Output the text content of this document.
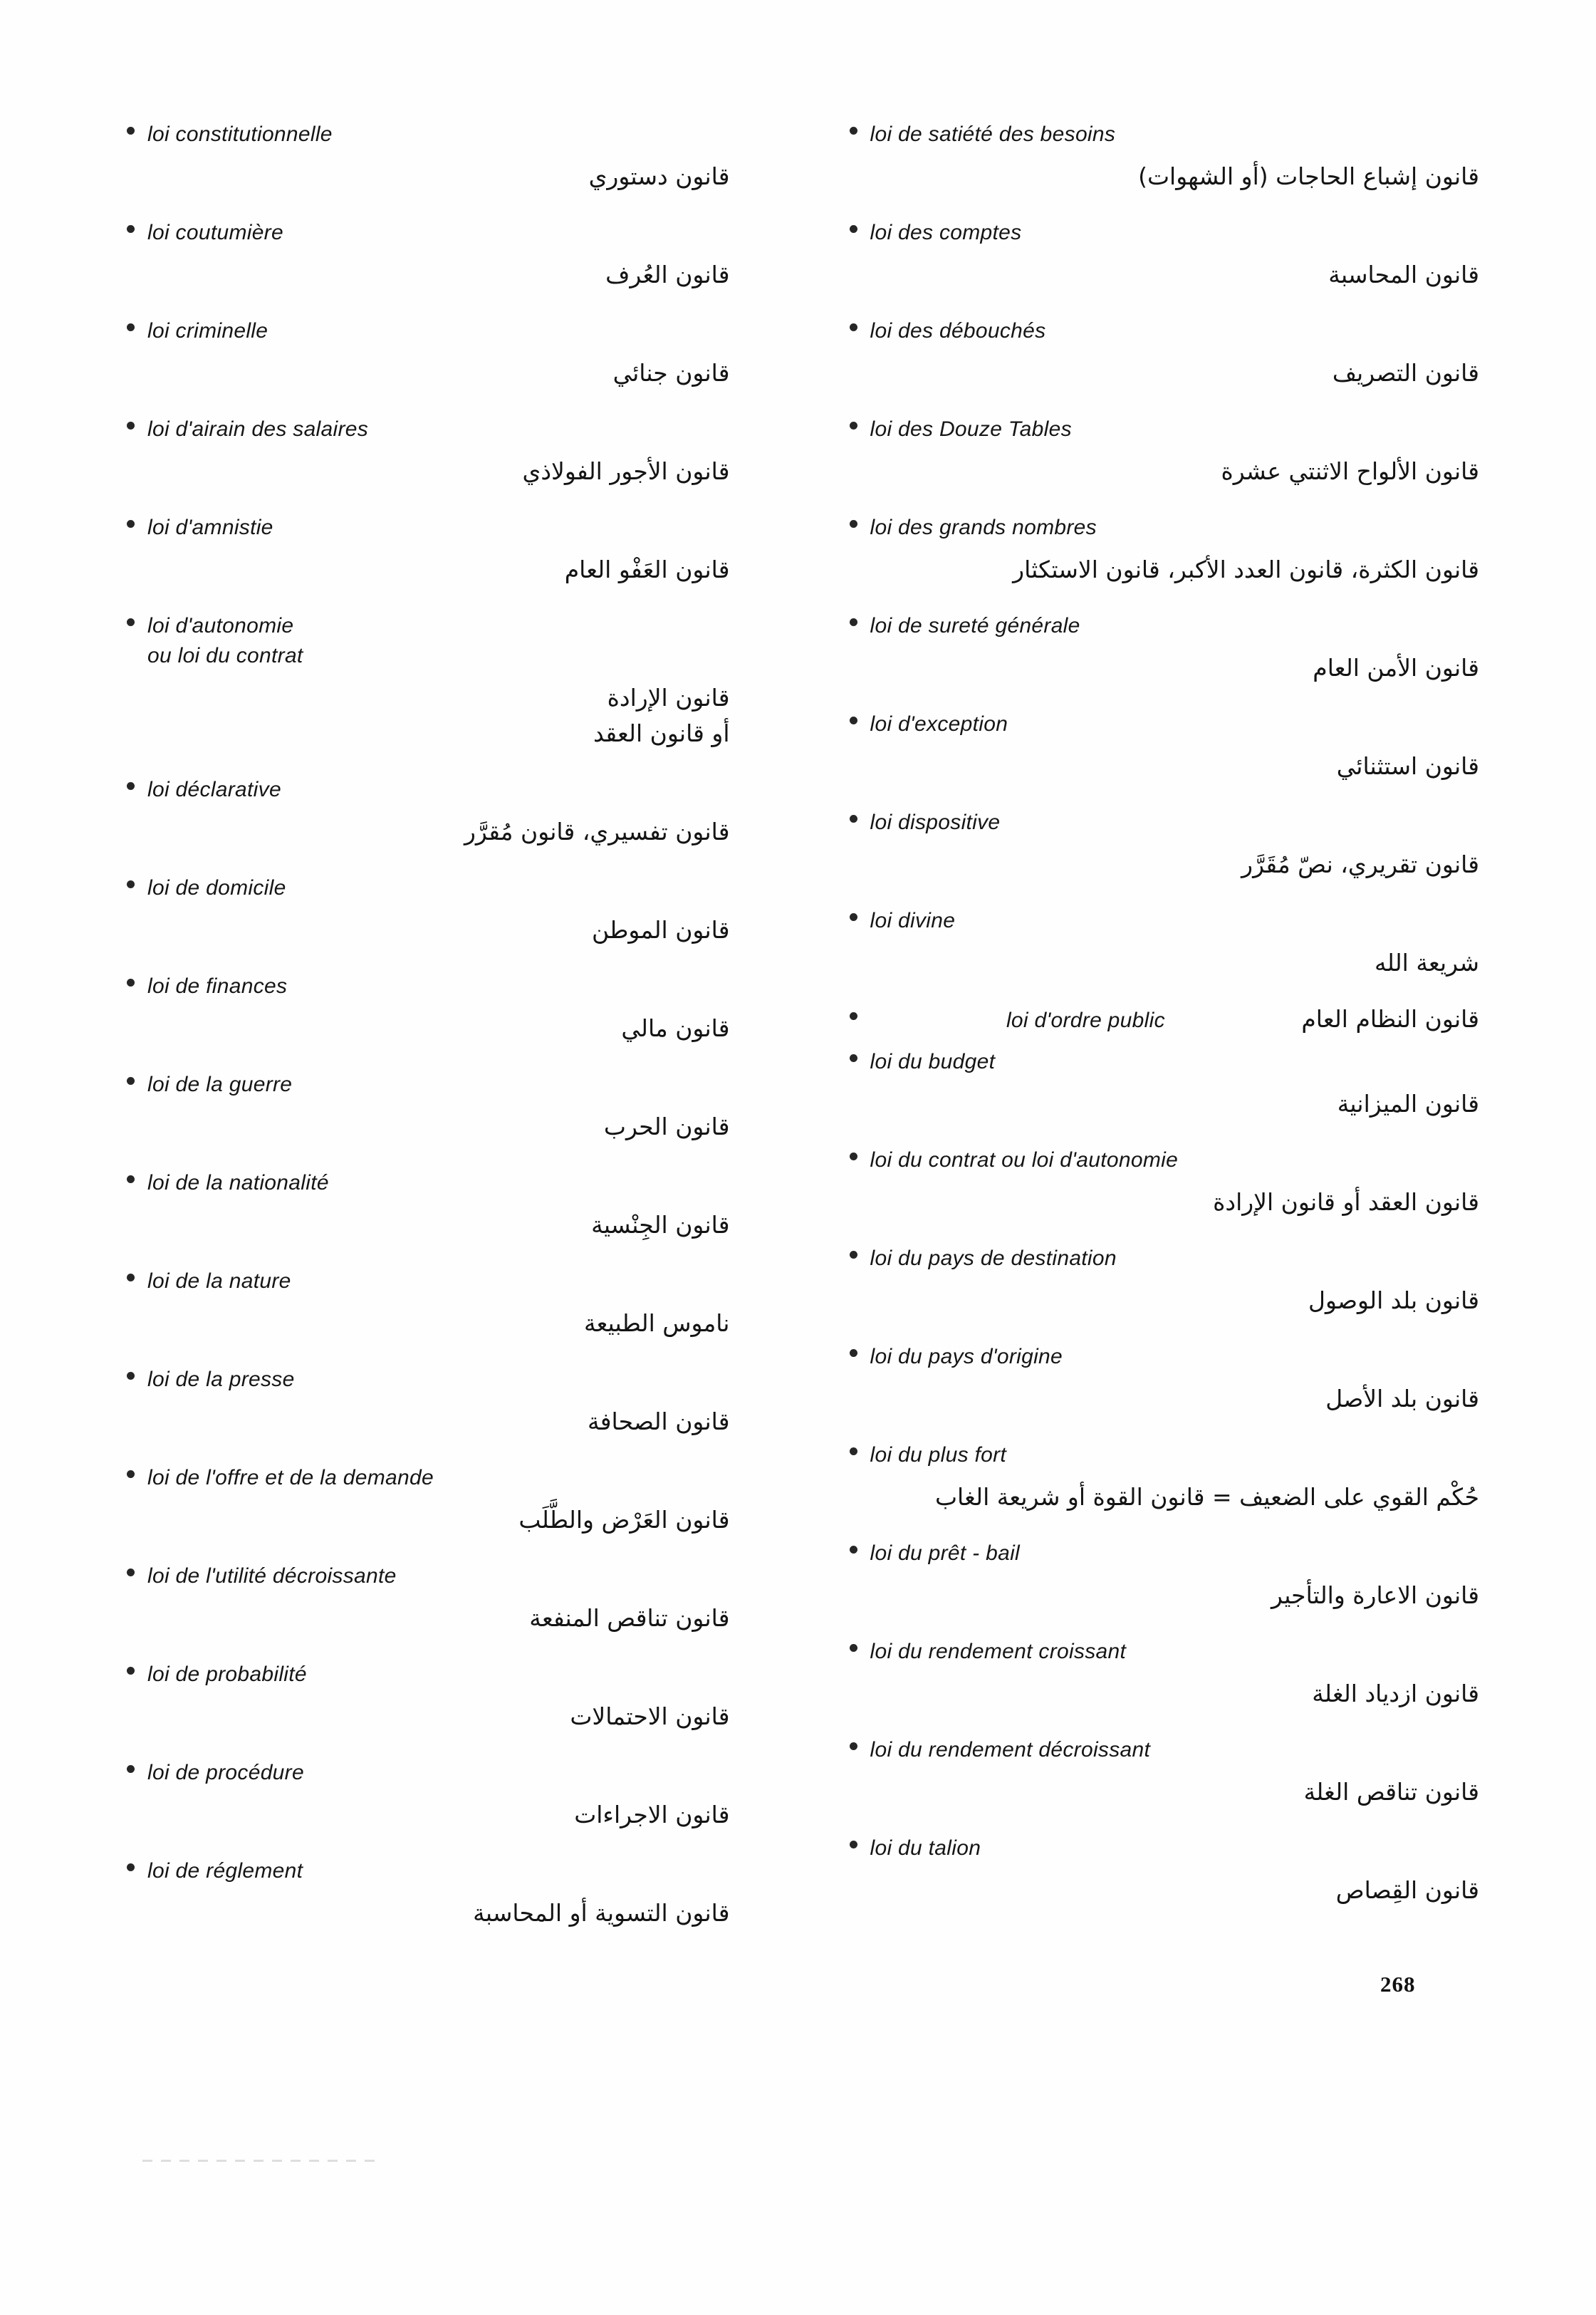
loi constitutionnelle
قانون دستوري
loi coutumière
قانون العُرف
loi criminelle
قانون جنائي
loi d'airain des salaires
قانون الأجور الفولاذي
loi d'amnistie
قانون العَفْو العام
loi d'autonomie
ou loi du contrat
قانون الإرادة
أو قانون العقد
loi déclarative
قانون تفسيري، قانون مُقرَّر
loi de domicile
قانون الموطن
loi de finances
قانون مالي
loi de la guerre
قانون الحرب
loi de la nationalité
قانون الجِنْسية
loi de la nature
ناموس الطبيعة
loi de la presse
قانون الصحافة
loi de l'offre et de la demande
قانون العَرْض والطَّلَب
loi de l'utilité décroissante
قانون تناقص المنفعة
loi de probabilité
قانون الاحتمالات
loi de procédure
قانون الاجراءات
loi de réglement
قانون التسوية أو المحاسبة
loi de satiété des besoins
قانون إشباع الحاجات (أو الشهوات)
loi des comptes
قانون المحاسبة
loi des débouchés
قانون التصريف
loi des Douze Tables
قانون الألواح الاثنتي عشرة
loi des grands nombres
قانون الكثرة، قانون العدد الأكبر، قانون الاستكثار
loi de sureté générale
قانون الأمن العام
loi d'exception
قانون استثنائي
loi dispositive
قانون تقريري، نصّ مُقَرَّر
loi divine
شريعة الله
loi d'ordre public	قانون النظام العام
loi du budget
قانون الميزانية
loi du contrat ou loi d'autonomie
قانون العقد أو قانون الإرادة
loi du pays de destination
قانون بلد الوصول
loi du pays d'origine
قانون بلد الأصل
loi du plus fort
حُكْم القوي على الضعيف = قانون القوة أو شريعة الغاب
loi du prêt - bail
قانون الاعارة والتأجير
loi du rendement croissant
قانون ازدياد الغلة
loi du rendement décroissant
قانون تناقص الغلة
loi du talion
قانون القِصاص
268
